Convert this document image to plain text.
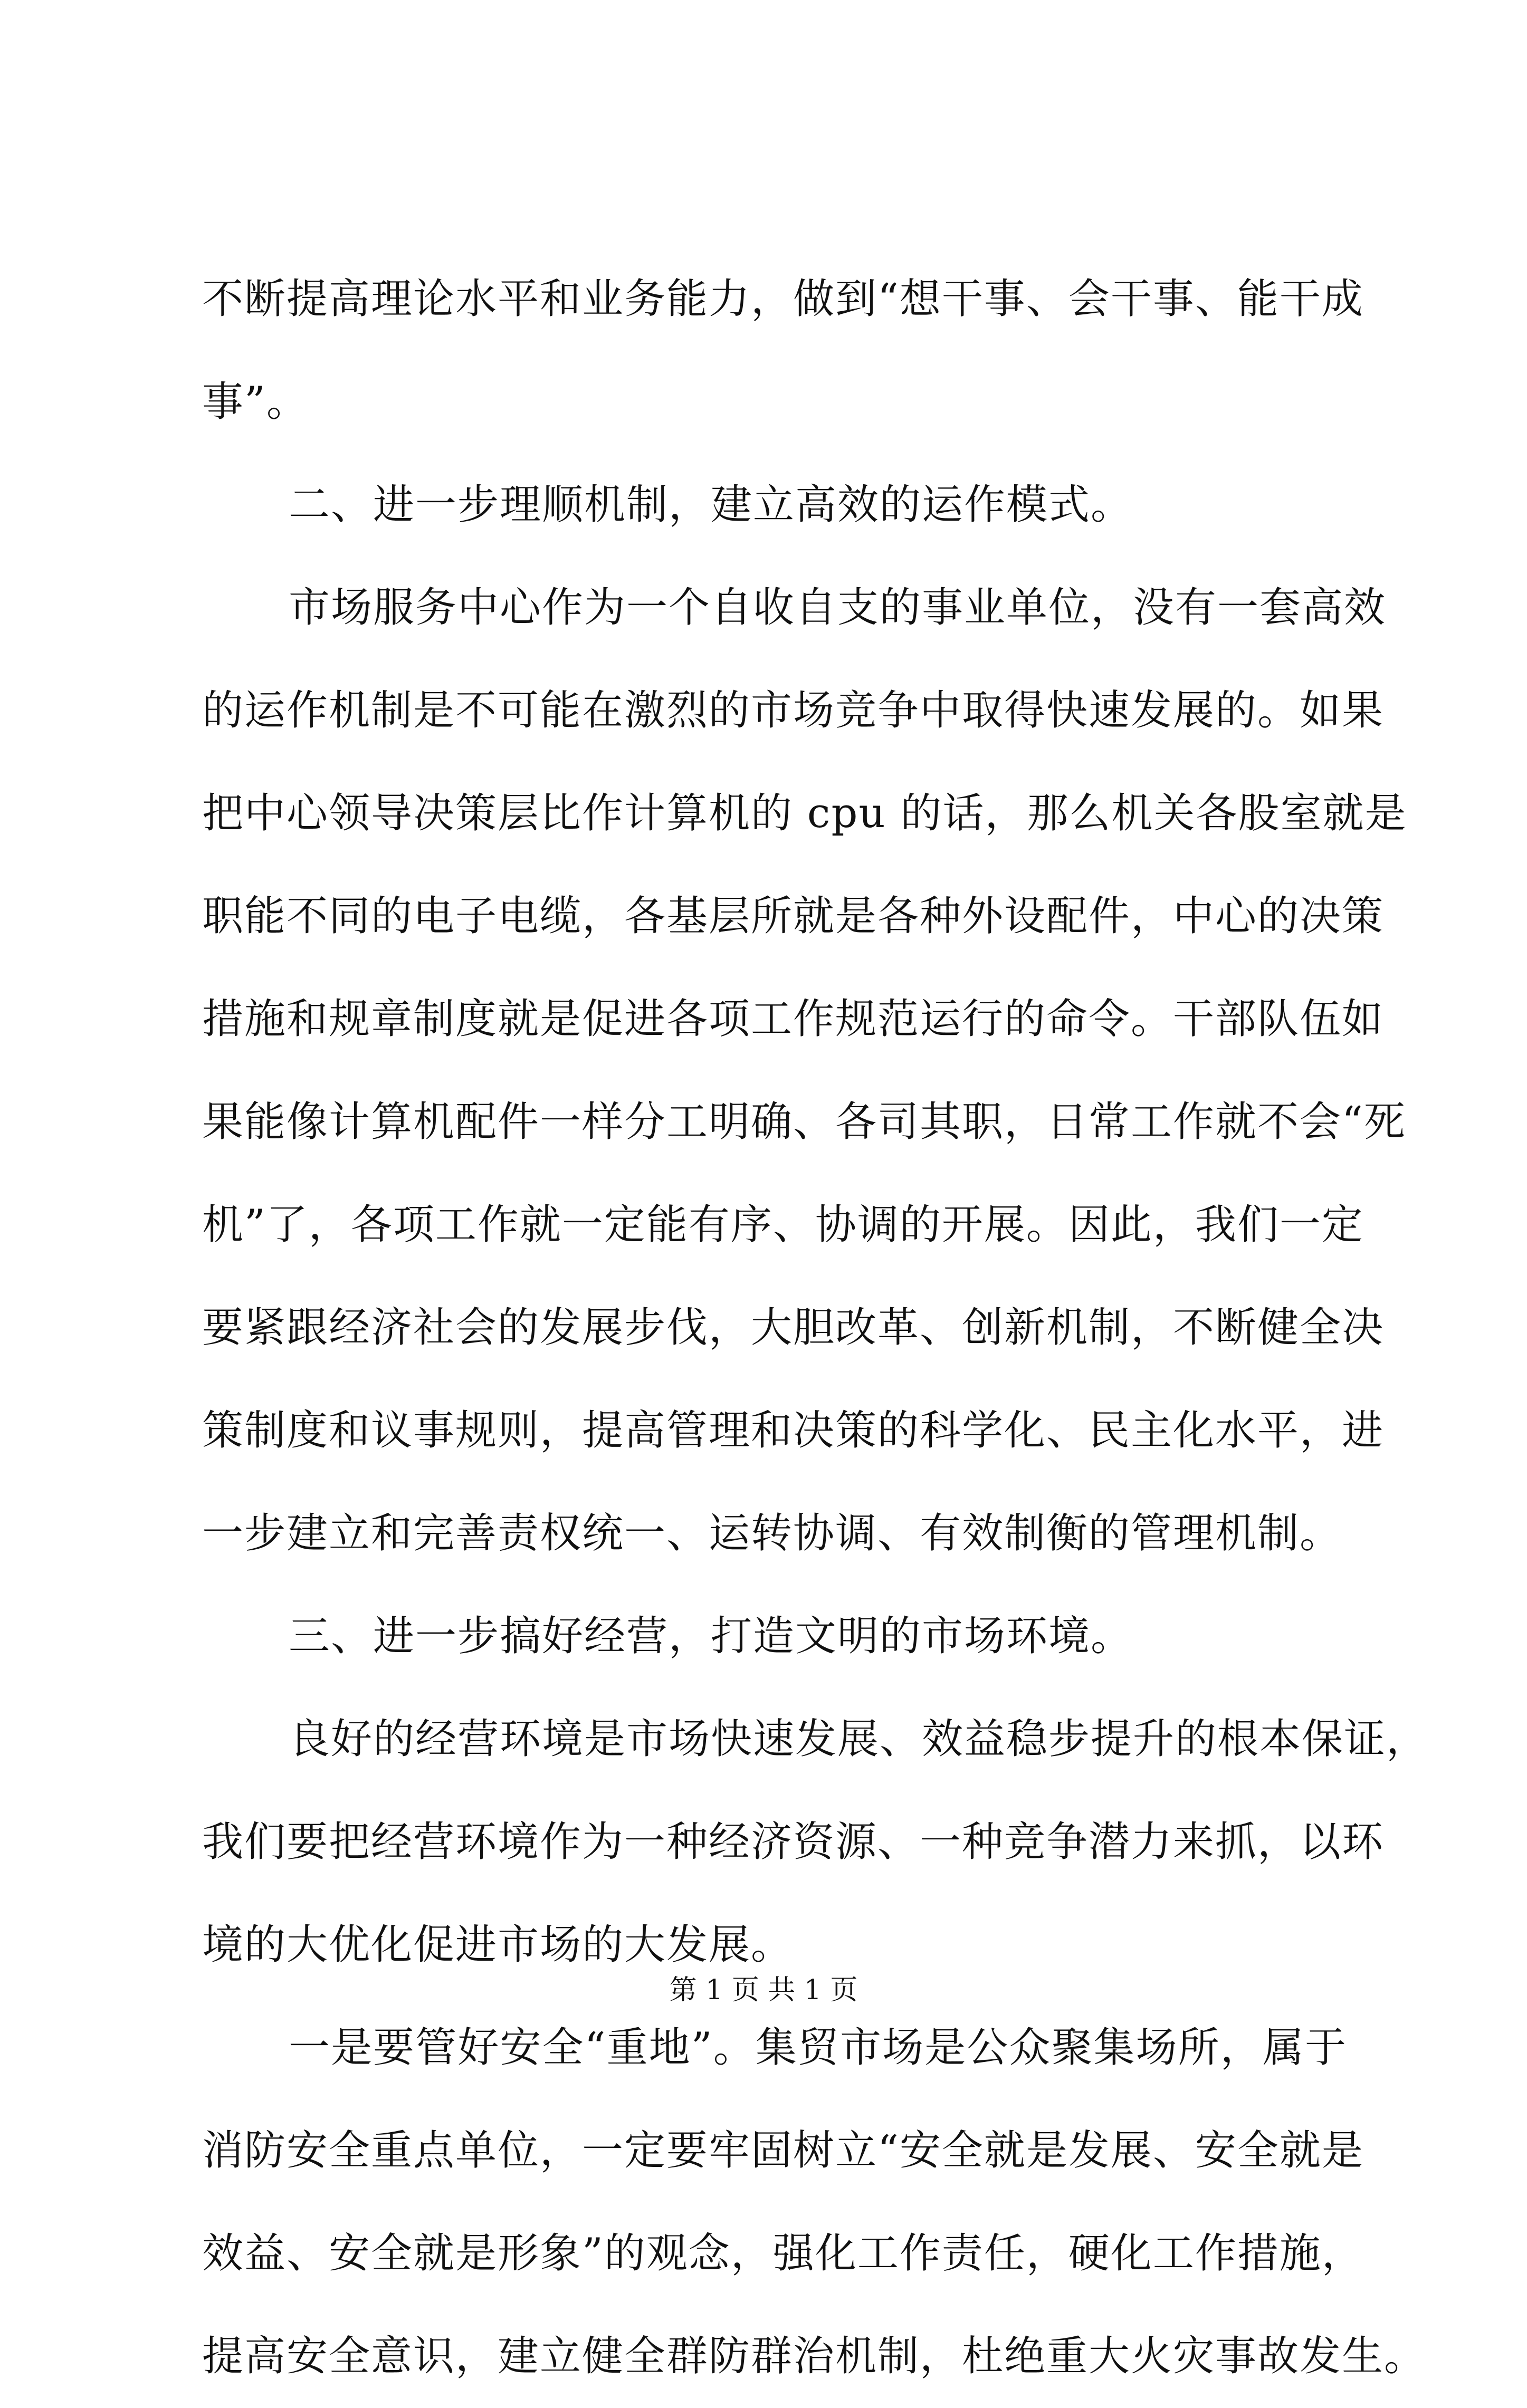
不断提高理论水平和业务能力，做到“想干事、会干事、能干成
事”。
二、进一步理顺机制，建立高效的运作模式。
市场服务中心作为一个自收自支的事业单位，没有一套高效
的运作机制是不可能在激烈的市场竞争中取得快速发展的。如果
把中心领导决策层比作计算机的 cpu 的话，那么机关各股室就是
职能不同的电子电缆，各基层所就是各种外设配件，中心的决策
措施和规章制度就是促进各项工作规范运行的命令。干部队伍如
果能像计算机配件一样分工明确、各司其职，日常工作就不会“死
机”了，各项工作就一定能有序、协调的开展。因此，我们一定
要紧跟经济社会的发展步伐，大胆改革、创新机制，不断健全决
策制度和议事规则，提高管理和决策的科学化、民主化水平，进
一步建立和完善责权统一、运转协调、有效制衡的管理机制。
三、进一步搞好经营，打造文明的市场环境。
良好的经营环境是市场快速发展、效益稳步提升的根本保证，
我们要把经营环境作为一种经济资源、一种竞争潜力来抓，以环
境的大优化促进市场的大发展。
一是要管好安全“重地”。集贸市场是公众聚集场所，属于
消防安全重点单位，一定要牢固树立“安全就是发展、安全就是
效益、安全就是形象”的观念，强化工作责任，硬化工作措施，
提高安全意识，建立健全群防群治机制，杜绝重大火灾事故发生。
第 1 页 共 1 页
